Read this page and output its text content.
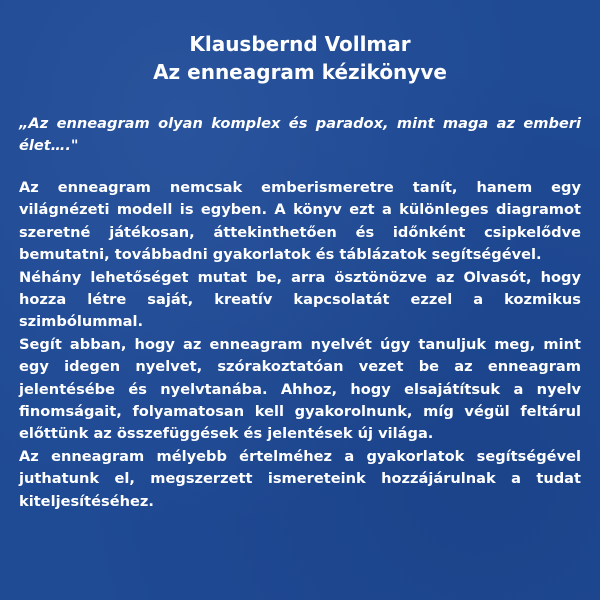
Klausbernd Vollmar
Az enneagram kézikönyve
„Az enneagram olyan komplex és paradox, mint maga az emberi élet…."

Az enneagram nemcsak emberismeretre tanít, hanem egy világnézeti modell is egyben. A könyv ezt a különleges diagramot szeretné játékosan, áttekinthetően és időnként csipkelődve bemutatni, továbbadni gyakorlatok és táblázatok segítségével.

Néhány lehetőséget mutat be, arra ösztönözve az Olvasót, hogy hozza létre saját, kreatív kapcsolatát ezzel a kozmikus szimbólummal.

Segít abban, hogy az enneagram nyelvét úgy tanuljuk meg, mint egy idegen nyelvet, szórakoztatóan vezet be az enneagram jelentésébe és nyelvtanába. Ahhoz, hogy elsajátítsuk a nyelv finomságait, folyamatosan kell gyakorolnunk, míg végül feltárul előttünk az összefüggések és jelentések új világa.

Az enneagram mélyebb értelméhez a gyakorlatok segítségével juthatunk el, megszerzett ismereteink hozzájárulnak a tudat kiteljesítéséhez.
